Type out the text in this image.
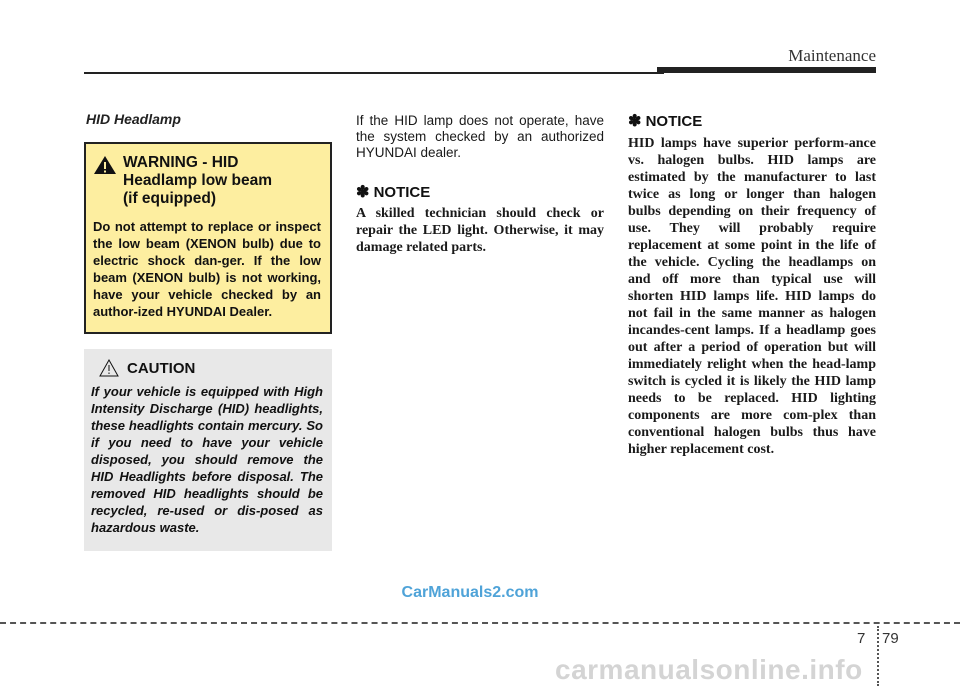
Maintenance
HID Headlamp
WARNING - HID
Headlamp low beam
(if equipped)
Do not attempt to replace or inspect the low beam (XENON bulb) due to electric shock dan-ger. If the low beam (XENON bulb) is not working, have your vehicle checked by an author-ized HYUNDAI Dealer.
CAUTION
If your vehicle is equipped with High Intensity Discharge (HID) headlights, these headlights contain mercury. So if you need to have your vehicle disposed, you should remove the HID Headlights before disposal. The removed HID headlights should be recycled, re-used or dis-posed as hazardous waste.
If the HID lamp does not operate, have the system checked by an authorized HYUNDAI dealer.
✽ NOTICE
A skilled technician should check or repair the LED light. Otherwise, it may damage related parts.
✽ NOTICE
HID lamps have superior perform-ance vs. halogen bulbs. HID lamps are estimated by the manufacturer to last twice as long or longer than halogen bulbs depending on their frequency of use. They will probably require replacement at some point in the life of the vehicle. Cycling the headlamps on and off more than typical use will shorten HID lamps life. HID lamps do not fail in the same manner as halogen incandes-cent lamps. If a headlamp goes out after a period of operation but will immediately relight when the head-lamp switch is cycled it is likely the HID lamp needs to be replaced. HID lighting components are more com-plex than conventional halogen bulbs thus have higher replacement cost.
CarManuals2.com
7 79
carmanualsonline.info
